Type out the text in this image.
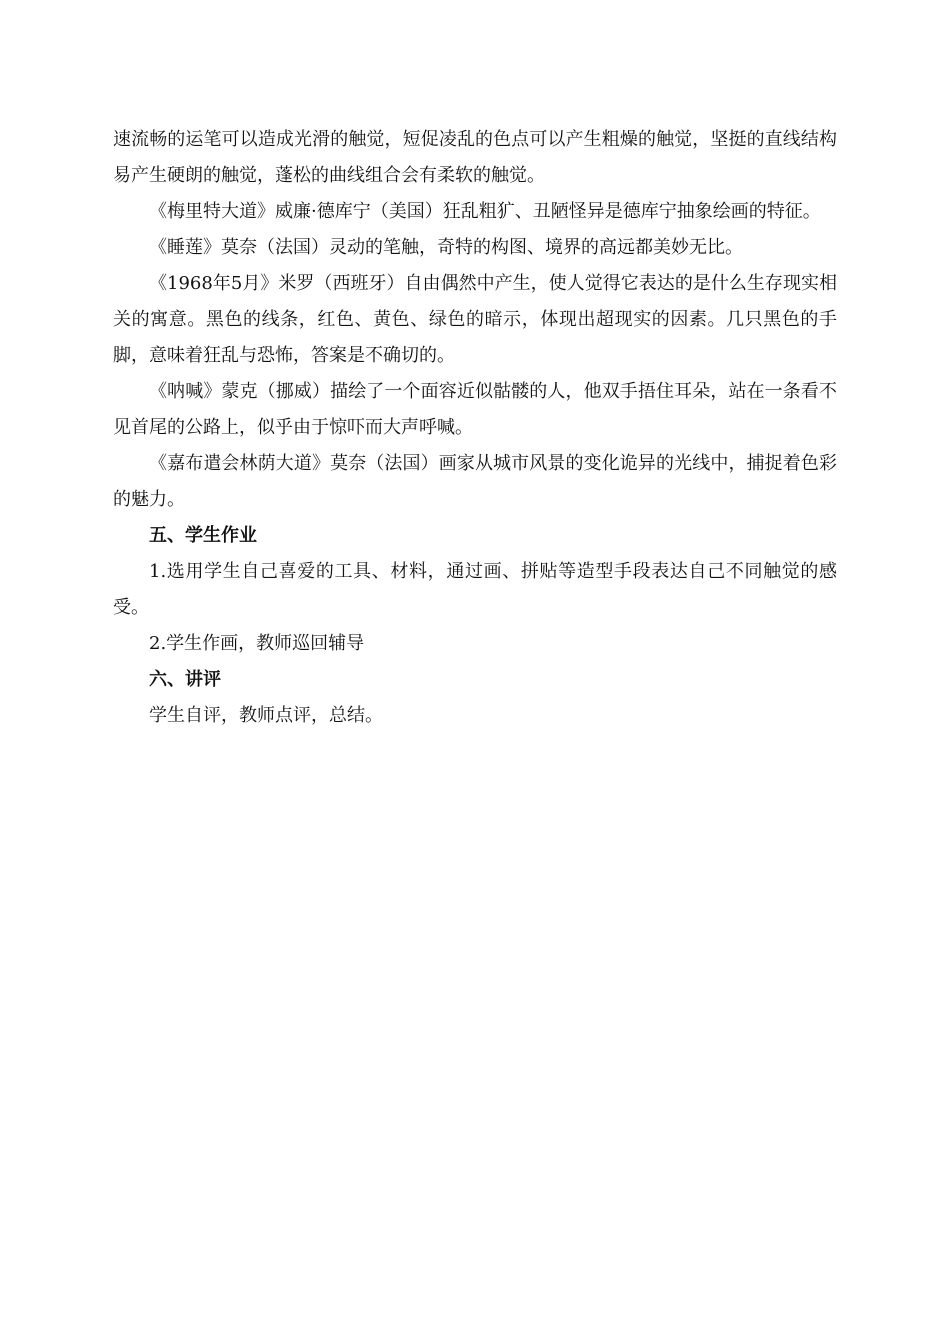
速流畅的运笔可以造成光滑的触觉，短促凌乱的色点可以产生粗燥的触觉，坚挺的直线结构易产生硬朗的触觉，蓬松的曲线组合会有柔软的触觉。

《梅里特大道》威廉·德库宁（美国）狂乱粗犷、丑陋怪异是德库宁抽象绘画的特征。

《睡莲》莫奈（法国）灵动的笔触，奇特的构图、境界的高远都美妙无比。

《1968年5月》米罗（西班牙）自由偶然中产生，使人觉得它表达的是什么生存现实相关的寓意。黑色的线条，红色、黄色、绿色的暗示，体现出超现实的因素。几只黑色的手脚，意味着狂乱与恐怖，答案是不确切的。

《呐喊》蒙克（挪威）描绘了一个面容近似骷髅的人，他双手捂住耳朵，站在一条看不见首尾的公路上，似乎由于惊吓而大声呼喊。

《嘉布遣会林荫大道》莫奈（法国）画家从城市风景的变化诡异的光线中，捕捉着色彩的魅力。

五、学生作业

1.选用学生自己喜爱的工具、材料，通过画、拼贴等造型手段表达自己不同触觉的感受。

2.学生作画，教师巡回辅导

六、讲评

学生自评，教师点评，总结。
